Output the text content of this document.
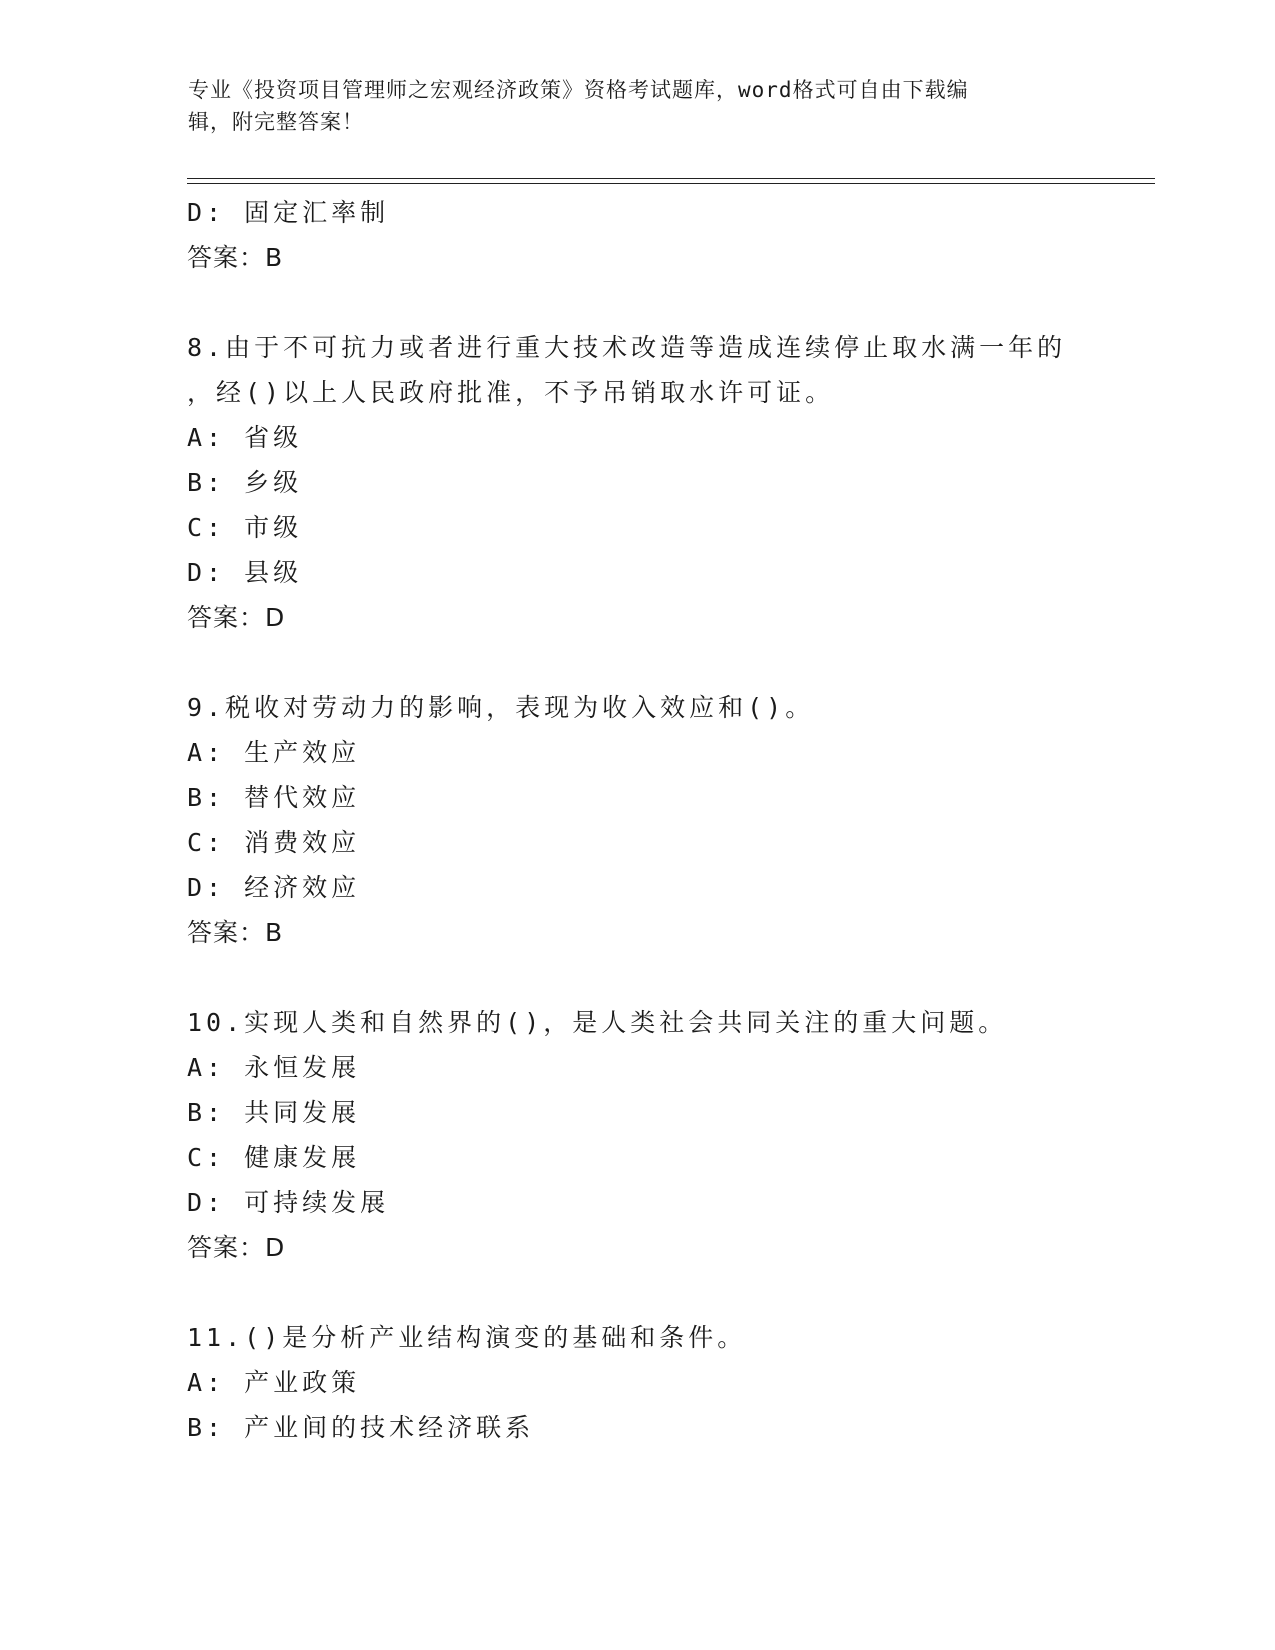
专业《投资项目管理师之宏观经济政策》资格考试题库，word格式可自由下载编
辑，附完整答案！
D: 固定汇率制
答案：B
8.由于不可抗力或者进行重大技术改造等造成连续停止取水满一年的
，经()以上人民政府批准，不予吊销取水许可证。
A: 省级
B: 乡级
C: 市级
D: 县级
答案：D
9.税收对劳动力的影响，表现为收入效应和()。
A: 生产效应
B: 替代效应
C: 消费效应
D: 经济效应
答案：B
10.实现人类和自然界的()，是人类社会共同关注的重大问题。
A: 永恒发展
B: 共同发展
C: 健康发展
D: 可持续发展
答案：D
11.()是分析产业结构演变的基础和条件。
A: 产业政策
B: 产业间的技术经济联系
